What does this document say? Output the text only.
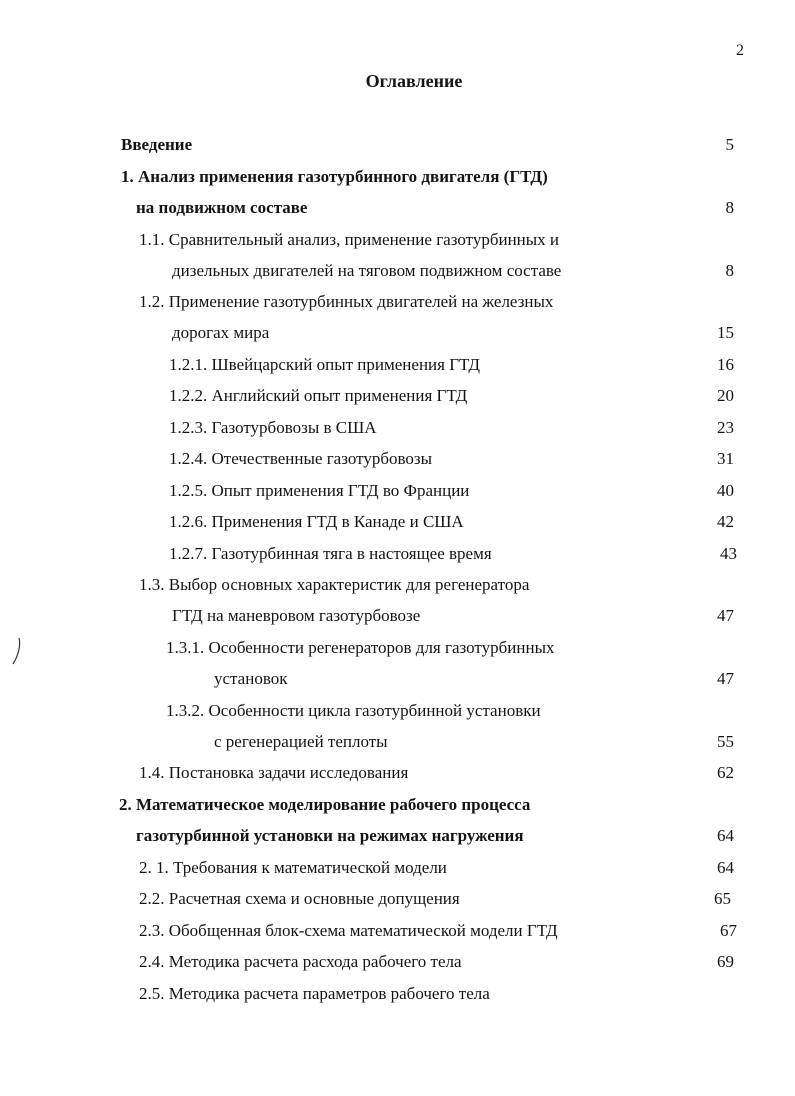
2
Оглавление
Введение	5
1. Анализ применения газотурбинного двигателя (ГТД)
на подвижном составе	8
1.1. Сравнительный анализ, применение газотурбинных и
дизельных двигателей на тяговом подвижном составе	8
1.2. Применение газотурбинных двигателей на железных
дорогах мира	15
1.2.1. Швейцарский опыт применения ГТД	16
1.2.2. Английский опыт применения ГТД	20
1.2.3. Газотурбовозы в США	23
1.2.4. Отечественные газотурбовозы	31
1.2.5. Опыт применения ГТД во Франции	40
1.2.6. Применения ГТД в Канаде и США	42
1.2.7. Газотурбинная тяга в настоящее время	43
1.3. Выбор основных характеристик для регенератора
ГТД на маневровом газотурбовозе	47
1.3.1. Особенности регенераторов для газотурбинных
установок	47
1.3.2. Особенности цикла газотурбинной установки
с регенерацией теплоты	55
1.4. Постановка задачи исследования	62
2. Математическое моделирование рабочего процесса
газотурбинной установки на режимах нагружения	64
2. 1. Требования к математической модели	64
2.2. Расчетная схема и основные допущения	65
2.3. Обобщенная блок-схема математической модели ГТД	67
2.4. Методика расчета расхода рабочего тела	69
2.5. Методика расчета параметров рабочего тела
